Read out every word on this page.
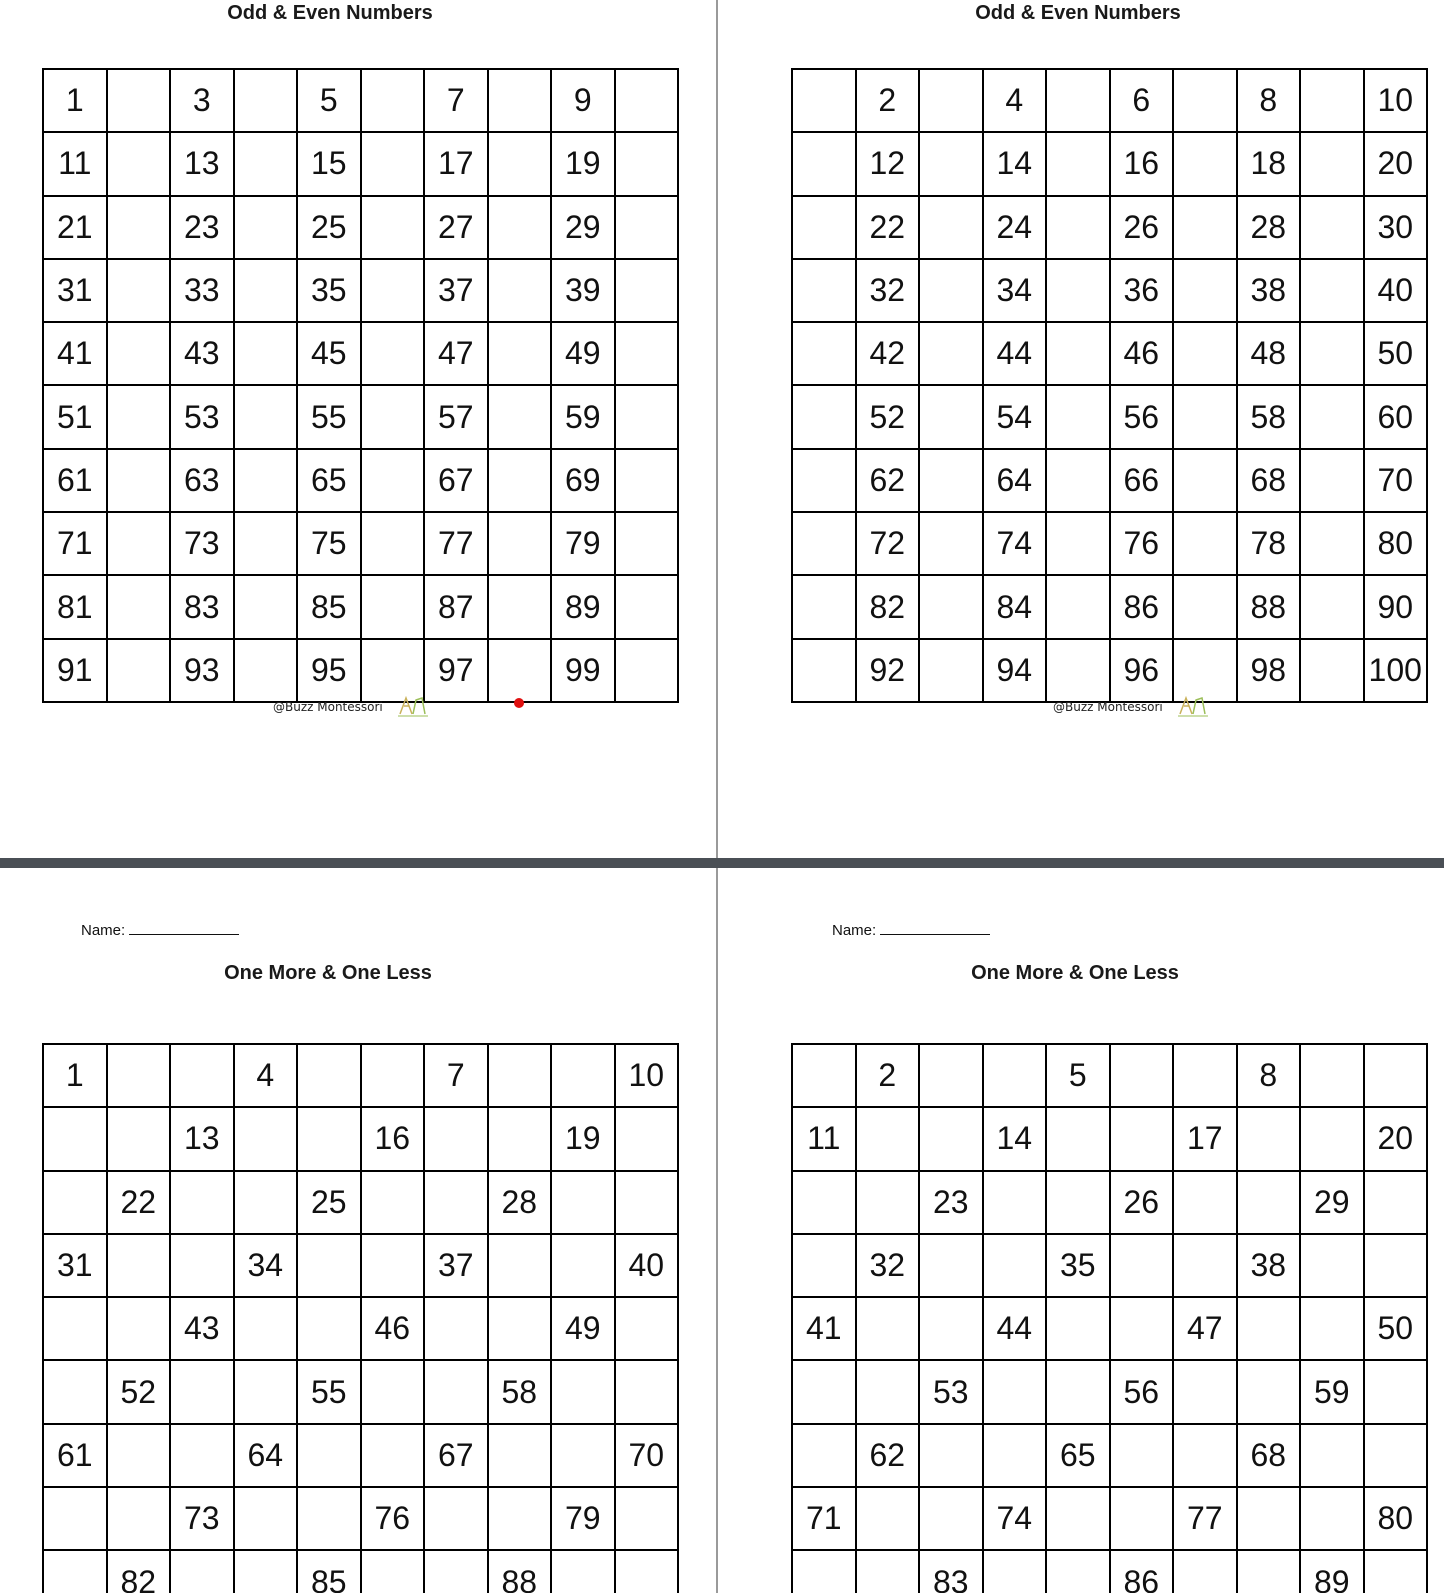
Odd & Even Numbers
1		3		5		7		9	
11		13		15		17		19	
21		23		25		27		29	
31		33		35		37		39	
41		43		45		47		49	
51		53		55		57		59	
61		63		65		67		69	
71		73		75		77		79	
81		83		85		87		89	
91		93		95		97		99	
@Buzz Montessori
Odd & Even Numbers
	2		4		6		8		10
	12		14		16		18		20
	22		24		26		28		30
	32		34		36		38		40
	42		44		46		48		50
	52		54		56		58		60
	62		64		66		68		70
	72		74		76		78		80
	82		84		86		88		90
	92		94		96		98		100
@Buzz Montessori
Name:
One More & One Less
1			4			7			10
		13			16			19	
	22			25			28		
31			34			37			40
		43			46			49	
	52			55			58		
61			64			67			70
		73			76			79	
	82			85			88		
Name:
One More & One Less
	2			5			8		
11			14			17			20
		23			26			29	
	32			35			38		
41			44			47			50
		53			56			59	
	62			65			68		
71			74			77			80
		83			86			89	
